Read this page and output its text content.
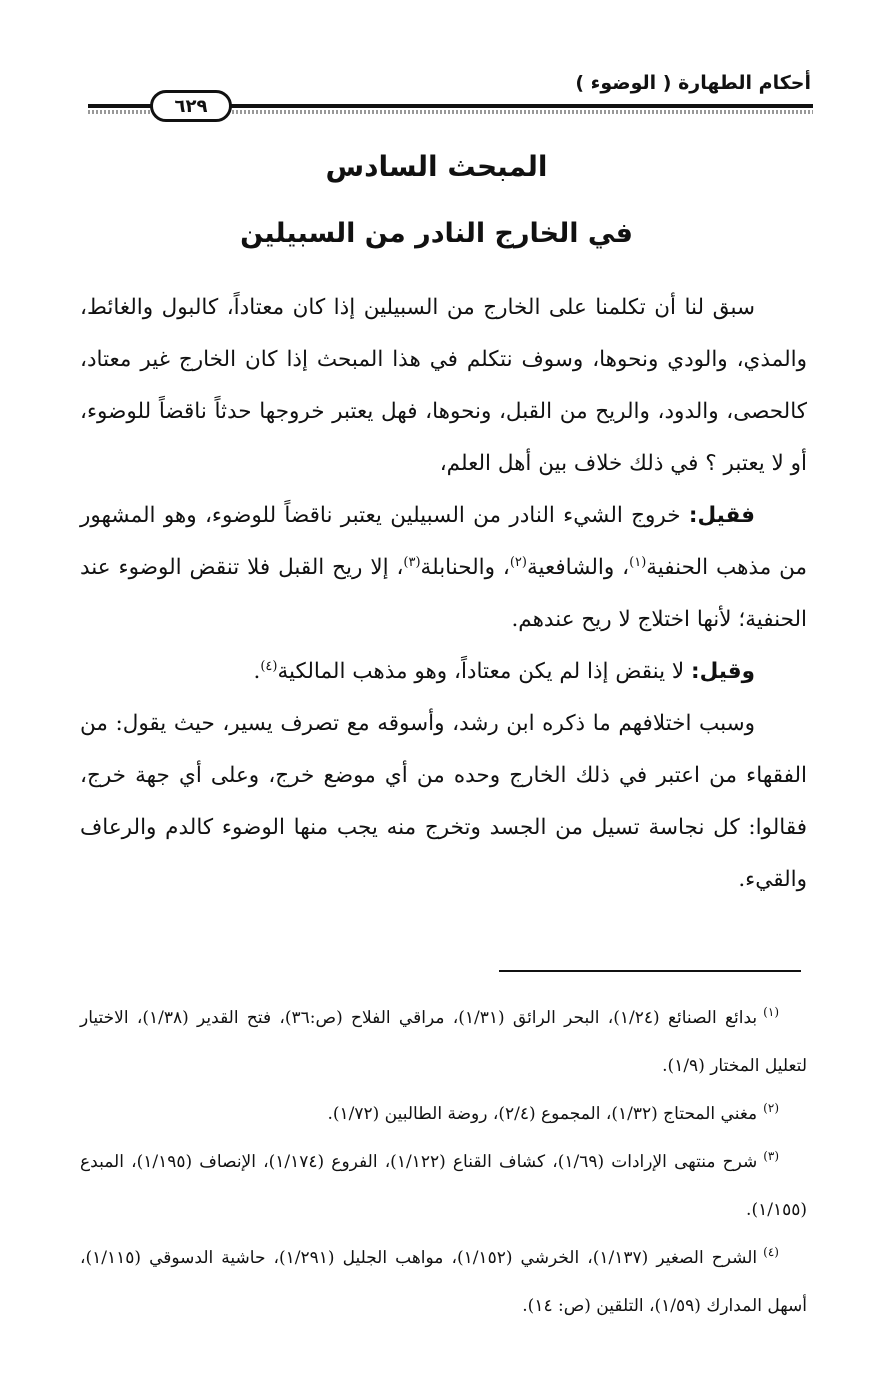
أحكام الطهارة ( الوضوء )
٦٢٩
المبحث السادس
في الخارج النادر من السبيلين

سبق لنا أن تكلمنا على الخارج من السبيلين إذا كان معتاداً، كالبول والغائط، والمذي، والودي ونحوها، وسوف نتكلم في هذا المبحث إذا كان الخارج غير معتاد، كالحصى، والدود، والريح من القبل، ونحوها، فهل يعتبر خروجها حدثاً ناقضاً للوضوء، أو لا يعتبر ؟ في ذلك خلاف بين أهل العلم،

فقيل: خروج الشيء النادر من السبيلين يعتبر ناقضاً للوضوء، وهو المشهور من مذهب الحنفية$^{(١)}$، والشافعية$^{(٢)}$، والحنابلة$^{(٣)}$، إلا ريح القبل فلا تنقض الوضوء عند الحنفية؛ لأنها اختلاج لا ريح عندهم.

وقيل: لا ينقض إذا لم يكن معتاداً، وهو مذهب المالكية$^{(٤)}$.

وسبب اختلافهم ما ذكره ابن رشد، وأسوقه مع تصرف يسير، حيث يقول: من الفقهاء من اعتبر في ذلك الخارج وحده من أي موضع خرج، وعلى أي جهة خرج، فقالوا: كل نجاسة تسيل من الجسد وتخرج منه يجب منها الوضوء كالدم والرعاف والقيء.

$^{(١)}$بدائع الصنائع (١/٢٤)، البحر الرائق (١/٣١)، مراقي الفلاح (ص:٣٦)، فتح القدير (١/٣٨)، الاختيار لتعليل المختار (١/٩).

$^{(٢)}$مغني المحتاج (١/٣٢)، المجموع (٢/٤)، روضة الطالبين (١/٧٢).

$^{(٣)}$شرح منتهى الإرادات (١/٦٩)، كشاف القناع (١/١٢٢)، الفروع (١/١٧٤)، الإنصاف (١/١٩٥)، المبدع (١/١٥٥).

$^{(٤)}$الشرح الصغير (١/١٣٧)، الخرشي (١/١٥٢)، مواهب الجليل (١/٢٩١)، حاشية الدسوقي (١/١١٥)، أسهل المدارك (١/٥٩)، التلقين (ص: ١٤).
